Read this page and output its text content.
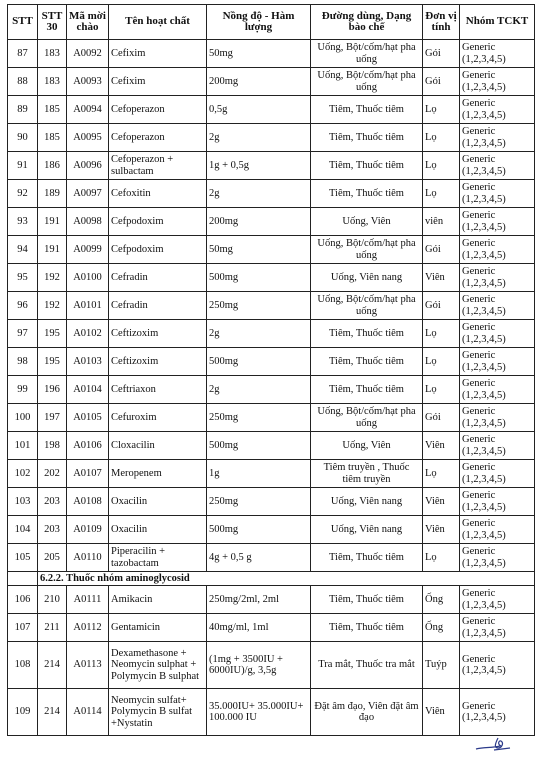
STT	STT 30	Mã mời chào	Tên hoạt chất	Nồng độ - Hàm lượng	Đường dùng, Dạng bào chế	Đơn vị tính	Nhóm TCKT
87	183	A0092	Cefixim	50mg	Uống, Bột/cốm/hạt pha uống	Gói	Generic (1,2,3,4,5)
88	183	A0093	Cefixim	200mg	Uống, Bột/cốm/hạt pha uống	Gói	Generic (1,2,3,4,5)
89	185	A0094	Cefoperazon	0,5g	Tiêm, Thuốc tiêm	Lọ	Generic (1,2,3,4,5)
90	185	A0095	Cefoperazon	2g	Tiêm, Thuốc tiêm	Lọ	Generic (1,2,3,4,5)
91	186	A0096	Cefoperazon + sulbactam	1g + 0,5g	Tiêm, Thuốc tiêm	Lọ	Generic (1,2,3,4,5)
92	189	A0097	Cefoxitin	2g	Tiêm, Thuốc tiêm	Lọ	Generic (1,2,3,4,5)
93	191	A0098	Cefpodoxim	200mg	Uống, Viên	viên	Generic (1,2,3,4,5)
94	191	A0099	Cefpodoxim	50mg	Uống, Bột/cốm/hạt pha uống	Gói	Generic (1,2,3,4,5)
95	192	A0100	Cefradin	500mg	Uống, Viên nang	Viên	Generic (1,2,3,4,5)
96	192	A0101	Cefradin	250mg	Uống, Bột/cốm/hạt pha uống	Gói	Generic (1,2,3,4,5)
97	195	A0102	Ceftizoxim	2g	Tiêm, Thuốc tiêm	Lọ	Generic (1,2,3,4,5)
98	195	A0103	Ceftizoxim	500mg	Tiêm, Thuốc tiêm	Lọ	Generic (1,2,3,4,5)
99	196	A0104	Ceftriaxon	2g	Tiêm, Thuốc tiêm	Lọ	Generic (1,2,3,4,5)
100	197	A0105	Cefuroxim	250mg	Uống, Bột/cốm/hạt pha uống	Gói	Generic (1,2,3,4,5)
101	198	A0106	Cloxacilin	500mg	Uống, Viên	Viên	Generic (1,2,3,4,5)
102	202	A0107	Meropenem	1g	Tiêm truyền , Thuốc tiêm truyền	Lọ	Generic (1,2,3,4,5)
103	203	A0108	Oxacilin	250mg	Uống, Viên nang	Viên	Generic (1,2,3,4,5)
104	203	A0109	Oxacilin	500mg	Uống, Viên nang	Viên	Generic (1,2,3,4,5)
105	205	A0110	Piperacilin + tazobactam	4g + 0,5 g	Tiêm, Thuốc tiêm	Lọ	Generic (1,2,3,4,5)
	6.2.2. Thuốc nhóm aminoglycosid						
106	210	A0111	Amikacin	250mg/2ml, 2ml	Tiêm, Thuốc tiêm	Ống	Generic (1,2,3,4,5)
107	211	A0112	Gentamicin	40mg/ml, 1ml	Tiêm, Thuốc tiêm	Ống	Generic (1,2,3,4,5)
108	214	A0113	Dexamethasone + Neomycin sulphat + Polymycin B sulphat	(1mg + 3500IU + 6000IU)/g, 3,5g	Tra mắt, Thuốc tra mắt	Tuýp	Generic (1,2,3,4,5)
109	214	A0114	Neomycin sulfat+ Polymycin B sulfat +Nystatin	35.000IU+ 35.000IU+ 100.000 IU	Đặt âm đạo, Viên đặt âm đạo	Viên	Generic (1,2,3,4,5)
